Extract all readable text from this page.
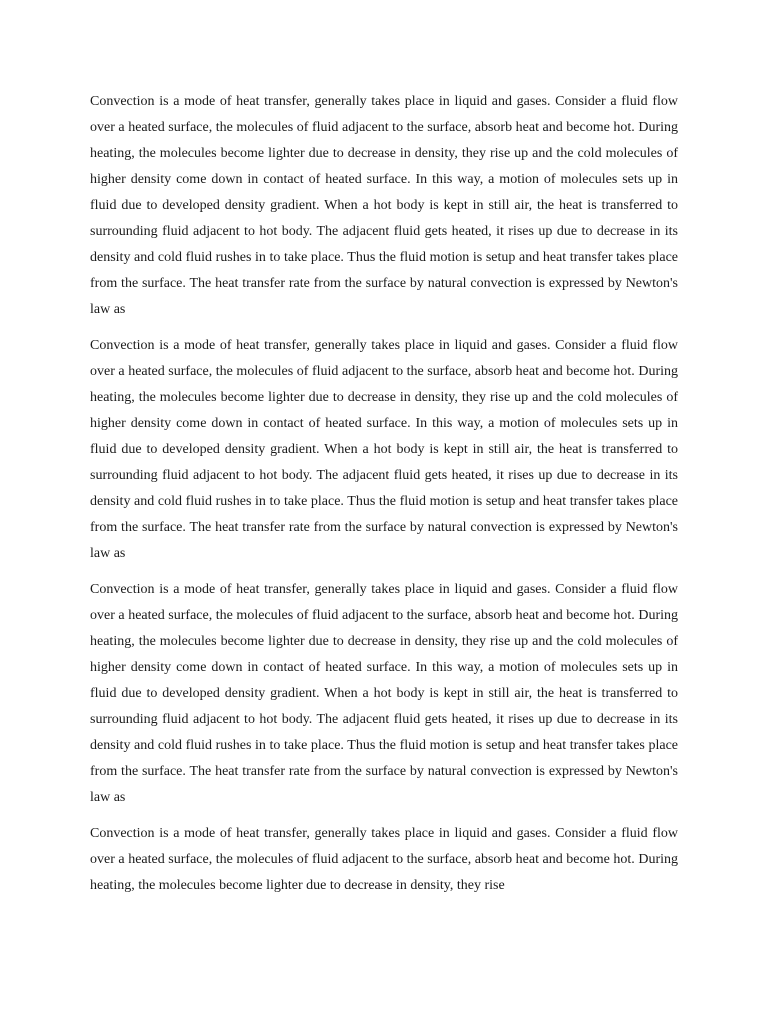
Convection is a mode of heat transfer, generally takes place in liquid and gases. Consider a fluid flow over a heated surface, the molecules of fluid adjacent to the surface, absorb heat and become hot. During heating, the molecules become lighter due to decrease in density, they rise up and the cold molecules of higher density come down in contact of heated surface. In this way, a motion of molecules sets up in fluid due to developed density gradient. When a hot body is kept in still air, the heat is transferred to surrounding fluid adjacent to hot body. The adjacent fluid gets heated, it rises up due to decrease in its density and cold fluid rushes in to take place. Thus the fluid motion is setup and heat transfer takes place from the surface. The heat transfer rate from the surface by natural convection is expressed by Newton's law as

Convection is a mode of heat transfer, generally takes place in liquid and gases. Consider a fluid flow over a heated surface, the molecules of fluid adjacent to the surface, absorb heat and become hot. During heating, the molecules become lighter due to decrease in density, they rise up and the cold molecules of higher density come down in contact of heated surface. In this way, a motion of molecules sets up in fluid due to developed density gradient. When a hot body is kept in still air, the heat is transferred to surrounding fluid adjacent to hot body. The adjacent fluid gets heated, it rises up due to decrease in its density and cold fluid rushes in to take place. Thus the fluid motion is setup and heat transfer takes place from the surface. The heat transfer rate from the surface by natural convection is expressed by Newton's law as

Convection is a mode of heat transfer, generally takes place in liquid and gases. Consider a fluid flow over a heated surface, the molecules of fluid adjacent to the surface, absorb heat and become hot. During heating, the molecules become lighter due to decrease in density, they rise up and the cold molecules of higher density come down in contact of heated surface. In this way, a motion of molecules sets up in fluid due to developed density gradient. When a hot body is kept in still air, the heat is transferred to surrounding fluid adjacent to hot body. The adjacent fluid gets heated, it rises up due to decrease in its density and cold fluid rushes in to take place. Thus the fluid motion is setup and heat transfer takes place from the surface. The heat transfer rate from the surface by natural convection is expressed by Newton's law as

Convection is a mode of heat transfer, generally takes place in liquid and gases. Consider a fluid flow over a heated surface, the molecules of fluid adjacent to the surface, absorb heat and become hot. During heating, the molecules become lighter due to decrease in density, they rise
